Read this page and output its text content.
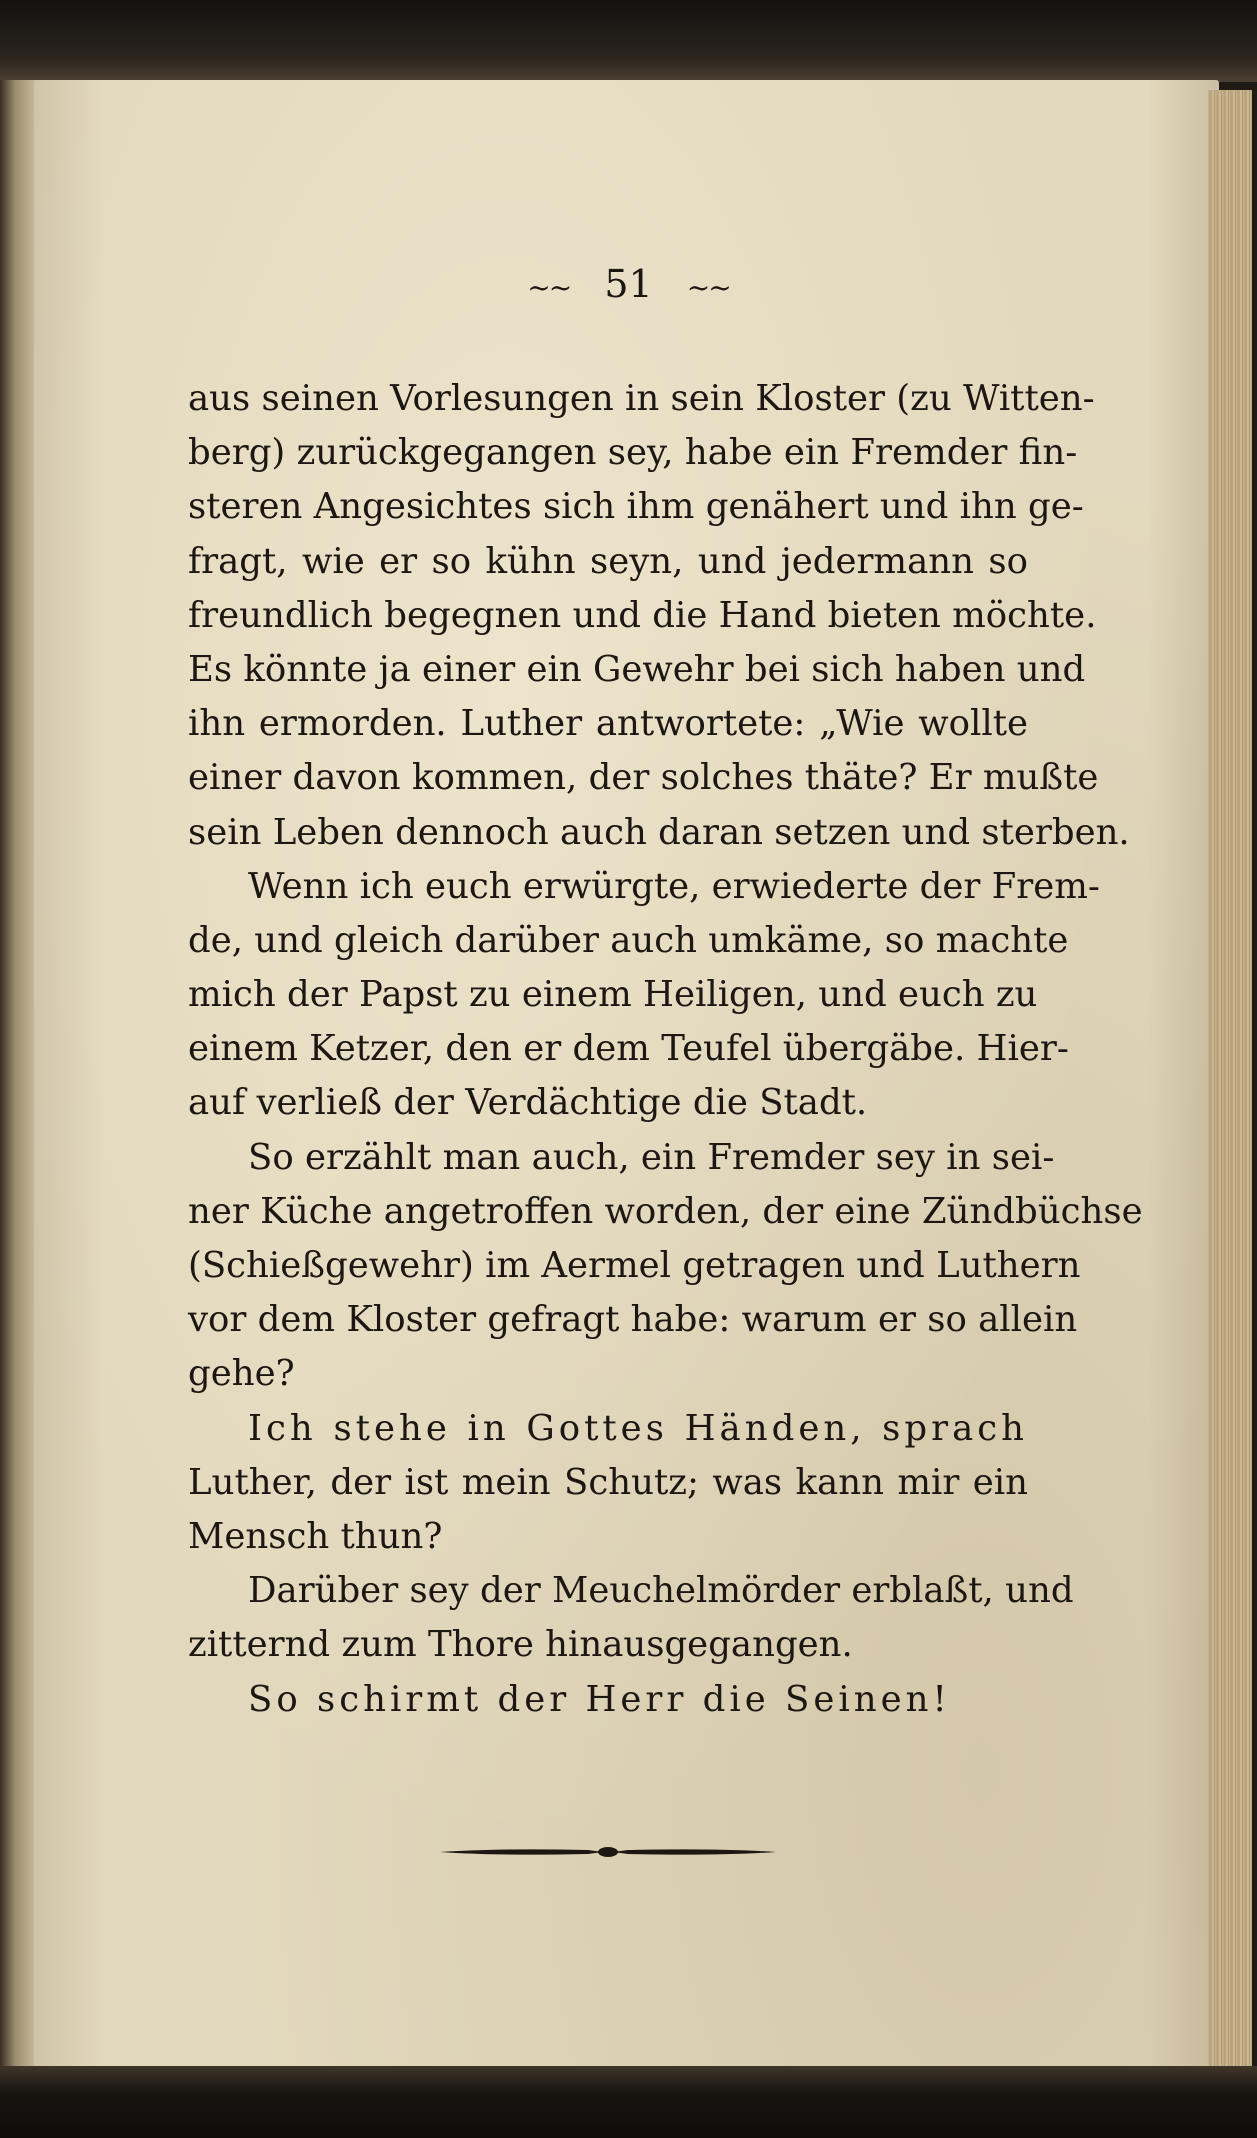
~~ 51 ~~
aus seinen Vorlesungen in sein Kloster (zu Witten-
berg) zurückgegangen sey, habe ein Fremder fin-
steren Angesichtes sich ihm genähert und ihn ge-
fragt, wie er so kühn seyn, und jedermann so
freundlich begegnen und die Hand bieten möchte.
Es könnte ja einer ein Gewehr bei sich haben und
ihn ermorden. Luther antwortete: „Wie wollte
einer davon kommen, der solches thäte? Er mußte
sein Leben dennoch auch daran setzen und sterben.
Wenn ich euch erwürgte, erwiederte der Frem-
de, und gleich darüber auch umkäme, so machte
mich der Papst zu einem Heiligen, und euch zu
einem Ketzer, den er dem Teufel übergäbe. Hier-
auf verließ der Verdächtige die Stadt.
So erzählt man auch, ein Fremder sey in sei-
ner Küche angetroffen worden, der eine Zündbüchse
(Schießgewehr) im Aermel getragen und Luthern
vor dem Kloster gefragt habe: warum er so allein
gehe?
Ich stehe in Gottes Händen, sprach
Luther, der ist mein Schutz; was kann mir ein
Mensch thun?
Darüber sey der Meuchelmörder erblaßt, und
zitternd zum Thore hinausgegangen.
So schirmt der Herr die Seinen!
